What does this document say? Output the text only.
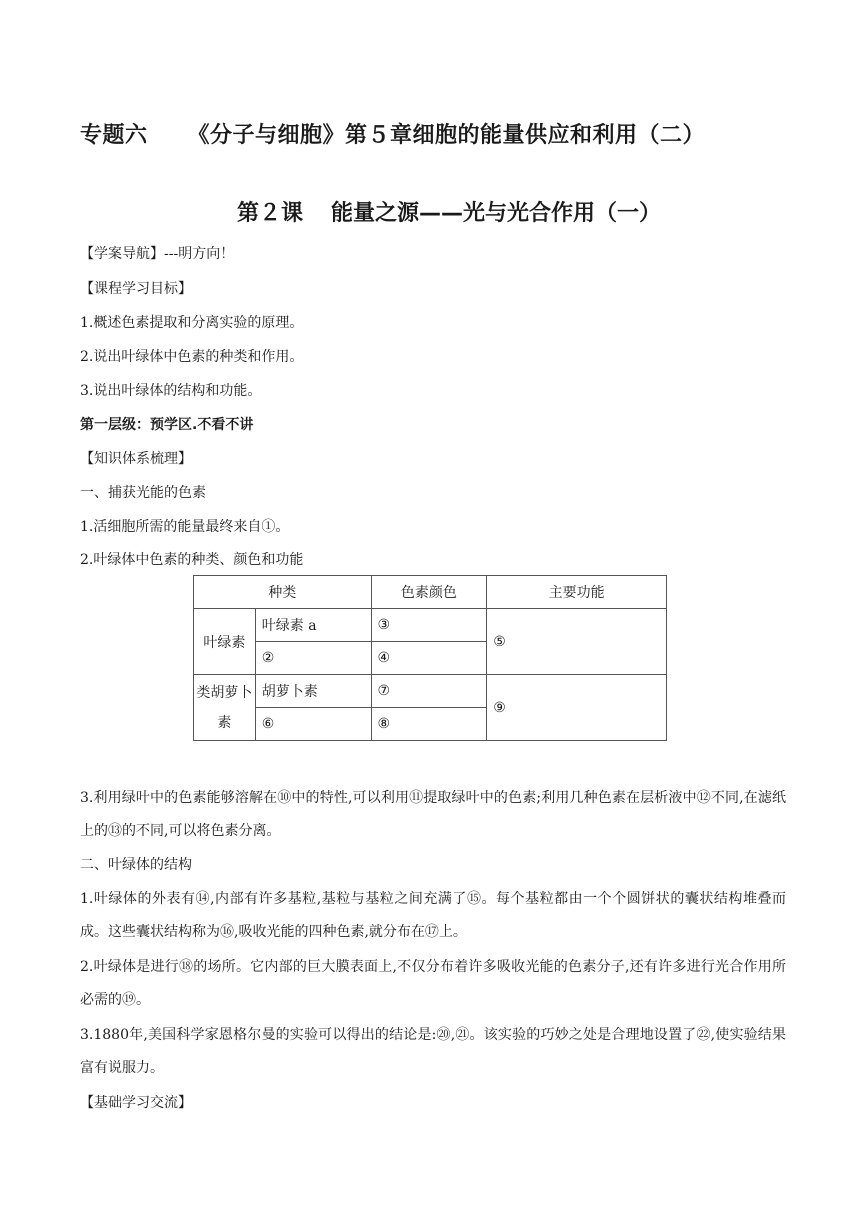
专题六 《分子与细胞》第５章细胞的能量供应和利用（二）
第２课 能量之源——光与光合作用（一）
【学案导航】---明方向！
【课程学习目标】
1.概述色素提取和分离实验的原理。
2.说出叶绿体中色素的种类和作用。
3.说出叶绿体的结构和功能。
第一层级：预学区.不看不讲
【知识体系梳理】
一、捕获光能的色素
1.活细胞所需的能量最终来自①。
2.叶绿体中色素的种类、颜色和功能
种类		色素颜色	主要功能
叶绿素	叶绿素 a	③	⑤
	②	④	
类胡萝卜素	胡萝卜素	⑦	⑨
	⑥	⑧	
3.利用绿叶中的色素能够溶解在⑩中的特性,可以利用⑪提取绿叶中的色素;利用几种色素在层析液中⑫不同,在滤纸上的⑬的不同,可以将色素分离。
二、叶绿体的结构
1.叶绿体的外表有⑭,内部有许多基粒,基粒与基粒之间充满了⑮。每个基粒都由一个个圆饼状的囊状结构堆叠而成。这些囊状结构称为⑯,吸收光能的四种色素,就分布在⑰上。
2.叶绿体是进行⑱的场所。它内部的巨大膜表面上,不仅分布着许多吸收光能的色素分子,还有许多进行光合作用所必需的⑲。
3.1880年,美国科学家恩格尔曼的实验可以得出的结论是:⑳,㉑。该实验的巧妙之处是合理地设置了㉒,使实验结果富有说服力。
【基础学习交流】
